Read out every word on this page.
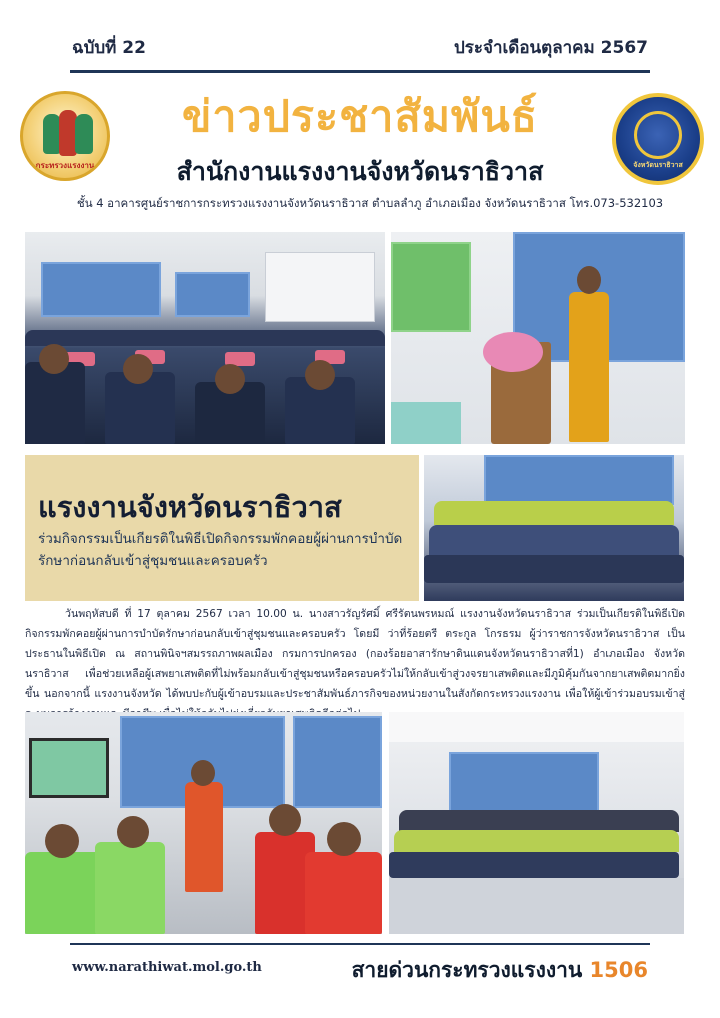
ฉบับที่ 22	ประจำเดือนตุลาคม 2567
กระทรวงแรงงาน
ข่าวประชาสัมพันธ์
สำนักงานแรงงานจังหวัดนราธิวาส
ชั้น 4 อาคารศูนย์ราชการกระทรวงแรงงานจังหวัดนราธิวาส ตำบลลำภู อำเภอเมือง จังหวัดนราธิวาส โทร.073-532103
จังหวัดนราธิวาส
แรงงานจังหวัดนราธิวาส
ร่วมกิจกรรมเป็นเกียรติในพิธีเปิดกิจกรรมพักคอยผู้ผ่านการบำบัดรักษาก่อนกลับเข้าสู่ชุมชนและครอบครัว
วันพฤหัสบดี ที่ 17 ตุลาคม 2567 เวลา 10.00 น. นางสาวรัญรัศมิ์ ศรีรัตนพรหมณ์ แรงงานจังหวัดนราธิวาส ร่วมเป็นเกียรติในพิธีเปิดกิจกรรมพักคอยผู้ผ่านการบำบัดรักษาก่อนกลับเข้าสู่ชุมชนและครอบครัว โดยมี ว่าที่ร้อยตรี ตระกูล โกรธรม ผู้ว่าราชการจังหวัดนราธิวาส เป็นประธานในพิธีเปิด ณ สถานพินิจฯสมรรถภาพผลเมือง กรมการปกครอง (กองร้อยอาสารักษาดินแดนจังหวัดนราธิวาสที่1) อำเภอเมือง จังหวัดนราธิวาส เพื่อช่วยเหลือผู้เสพยาเสพติดที่ไม่พร้อมกลับเข้าสู่ชุมชนหรือครอบครัวไม่ให้กลับเข้าสู่วงจรยาเสพติดและมีภูมิคุ้มกันจากยาเสพติดมากยิ่งขึ้น นอกจากนี้ แรงงานจังหวัด ได้พบปะกับผู้เข้าอบรมและประชาสัมพันธ์ภารกิจของหน่วยงานในสังกัดกระทรวงแรงงาน เพื่อให้ผู้เข้าร่วมอบรมเข้าสู่
www.narathiwat.mol.go.th	สายด่วนกระทรวงแรงงาน 1506
